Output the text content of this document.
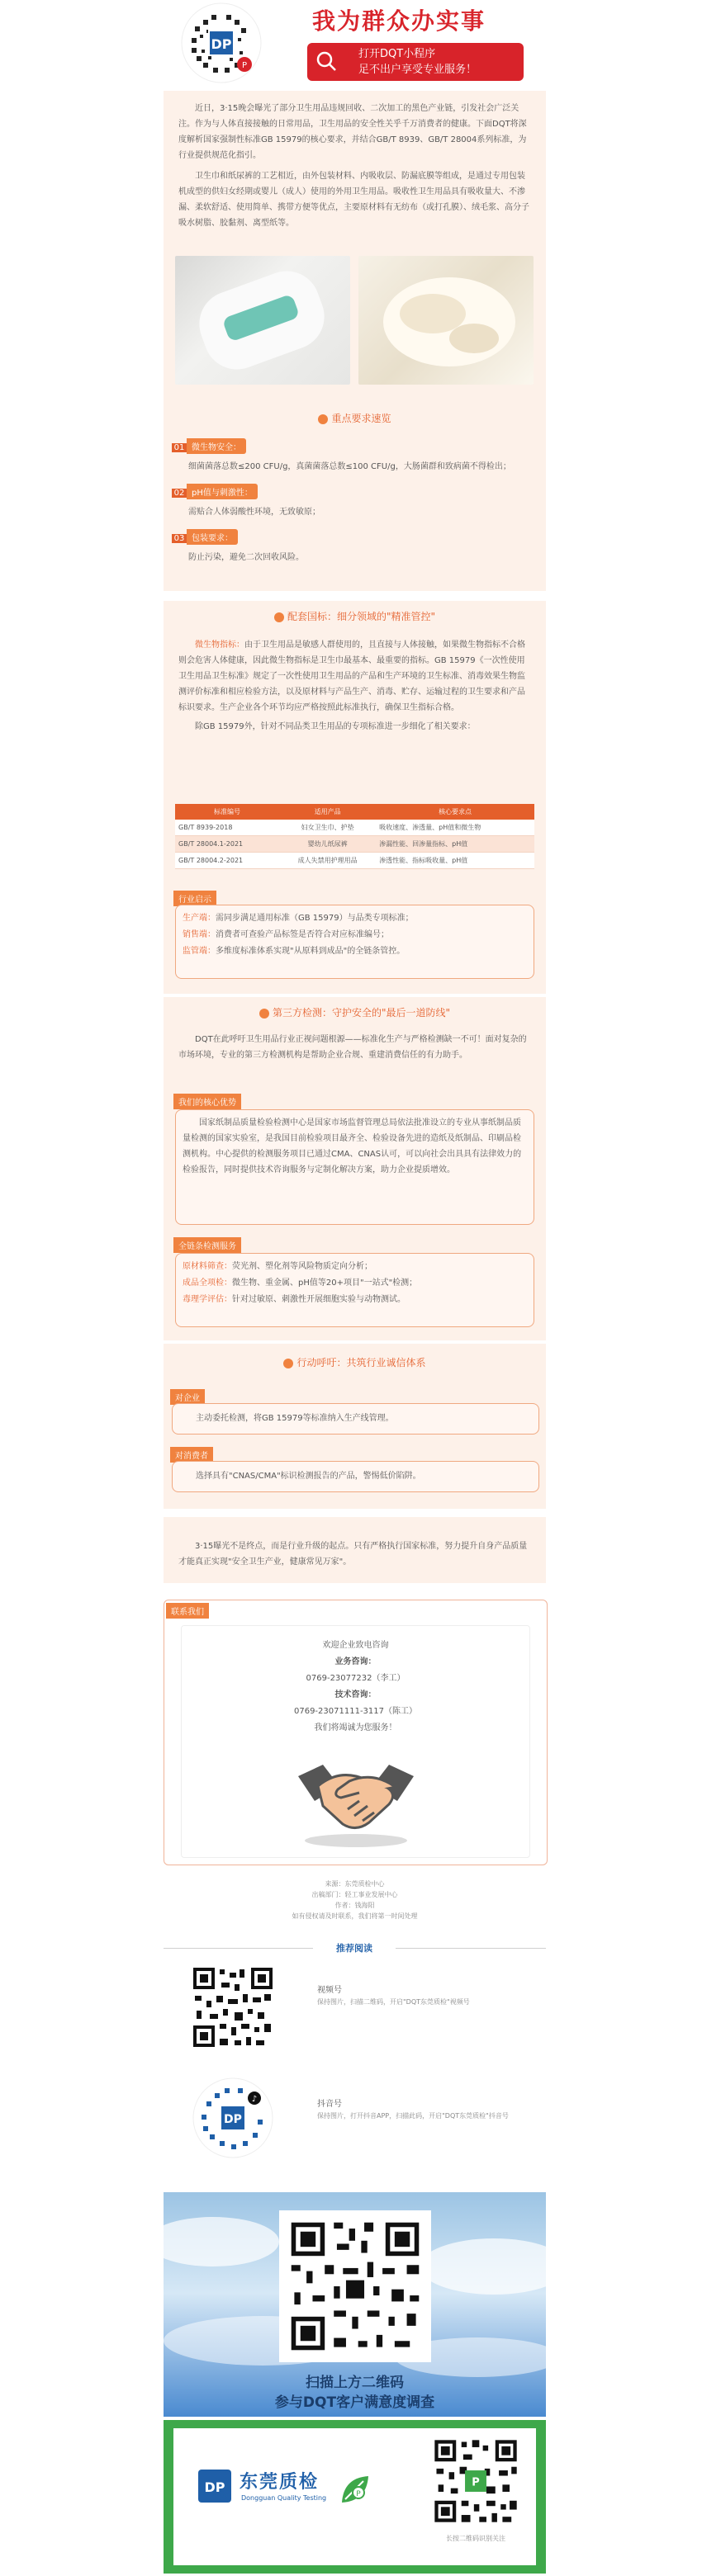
DP
P
我为群众办实事
打开DQT小程序
足不出户享受专业服务！

近日，3·15晚会曝光了部分卫生用品违规回收、二次加工的黑色产业链，引发社会广泛关注。作为与人体直接接触的日常用品，卫生用品的安全性关乎千万消费者的健康。下面DQT将深度解析国家强制性标准GB 15979的核心要求，并结合GB/T 8939、GB/T 28004系列标准，为行业提供规范化指引。

卫生巾和纸尿裤的工艺相近，由外包装材料、内吸收层、防漏底膜等组成，是通过专用包装机成型的供妇女经期或婴儿（成人）使用的外用卫生用品。吸收性卫生用品具有吸收量大、不渗漏、柔软舒适、使用简单、携带方便等优点，主要原材料有无纺布（或打孔膜）、绒毛浆、高分子吸水树脂、胶黏剂、离型纸等。

重点要求速览
01 微生物安全：

细菌菌落总数≤200 CFU/g，真菌菌落总数≤100 CFU/g，大肠菌群和致病菌不得检出；

02 pH值与刺激性：

需贴合人体弱酸性环境，无致敏原；

03 包装要求：

防止污染，避免二次回收风险。

配套国标：细分领域的"精准管控"

微生物指标：由于卫生用品是敏感人群使用的，且直接与人体接触，如果微生物指标不合格则会危害人体健康，因此微生物指标是卫生巾最基本、最重要的指标。GB 15979《一次性使用卫生用品卫生标准》规定了一次性使用卫生用品的产品和生产环境的卫生标准、消毒效果生物监测评价标准和相应检验方法，以及原材料与产品生产、消毒、贮存、运输过程的卫生要求和产品标识要求。生产企业各个环节均应严格按照此标准执行，确保卫生指标合格。

除GB 15979外，针对不同品类卫生用品的专项标准进一步细化了相关要求：

标准编号	适用产品	核心要求点
GB/T 8939-2018	妇女卫生巾、护垫	吸收速度、渗透量、pH值和微生物
GB/T 28004.1-2021	婴幼儿纸尿裤	渗漏性能、回渗量指标、pH值
GB/T 28004.2-2021	成人失禁用护理用品	渗透性能、指标吸收量、pH值
行业启示
生产端：需同步满足通用标准（GB 15979）与品类专项标准；
销售端：消费者可查验产品标签是否符合对应标准编号；
监管端：多维度标准体系实现"从原料到成品"的全链条管控。
第三方检测：守护安全的"最后一道防线"

DQT在此呼吁卫生用品行业正视问题根源——标准化生产与严格检测缺一不可！面对复杂的市场环境，专业的第三方检测机构是帮助企业合规、重建消费信任的有力助手。

我们的核心优势

国家纸制品质量检验检测中心是国家市场监督管理总局依法批准设立的专业从事纸制品质量检测的国家实验室，是我国目前检验项目最齐全、检验设备先进的造纸及纸制品、印刷品检测机构。中心提供的检测服务项目已通过CMA、CNAS认可，可以向社会出具具有法律效力的检验报告，同时提供技术咨询服务与定制化解决方案，助力企业提质增效。

全链条检测服务
原材料筛查：荧光剂、塑化剂等风险物质定向分析；
成品全项检：微生物、重金属、pH值等20+项目"一站式"检测；
毒理学评估：针对过敏原、刺激性开展细胞实验与动物测试。
行动呼吁：共筑行业诚信体系
对企业

主动委托检测，将GB 15979等标准纳入生产线管理。

对消费者

选择具有"CNAS/CMA"标识检测报告的产品，警惕低价陷阱。

3·15曝光不是终点，而是行业升级的起点。只有严格执行国家标准，努力提升自身产品质量才能真正实现"安全卫生产业，健康常见万家"。

联系我们
欢迎企业致电咨询
业务咨询：
0769-23077232（李工）
技术咨询：
0769-23071111-3117（陈工）
我们将竭诚为您服务！
来源：东莞质检中心
出稿部门：轻工事业发展中心
作者：钱海阳
如有侵权请及时联系，我们将第一时间处理
推荐阅读
视频号
保持图片，扫描二维码，开启"DQT东莞质检"视频号
DP
♪
抖音号
保持图片，打开抖音APP，扫描此码，开启"DQT东莞质检"抖音号
扫描上方二维码
参与DQT客户满意度调查
DP 东莞质检
Dongguan Quality Testing	P
P
长按二维码识别关注
